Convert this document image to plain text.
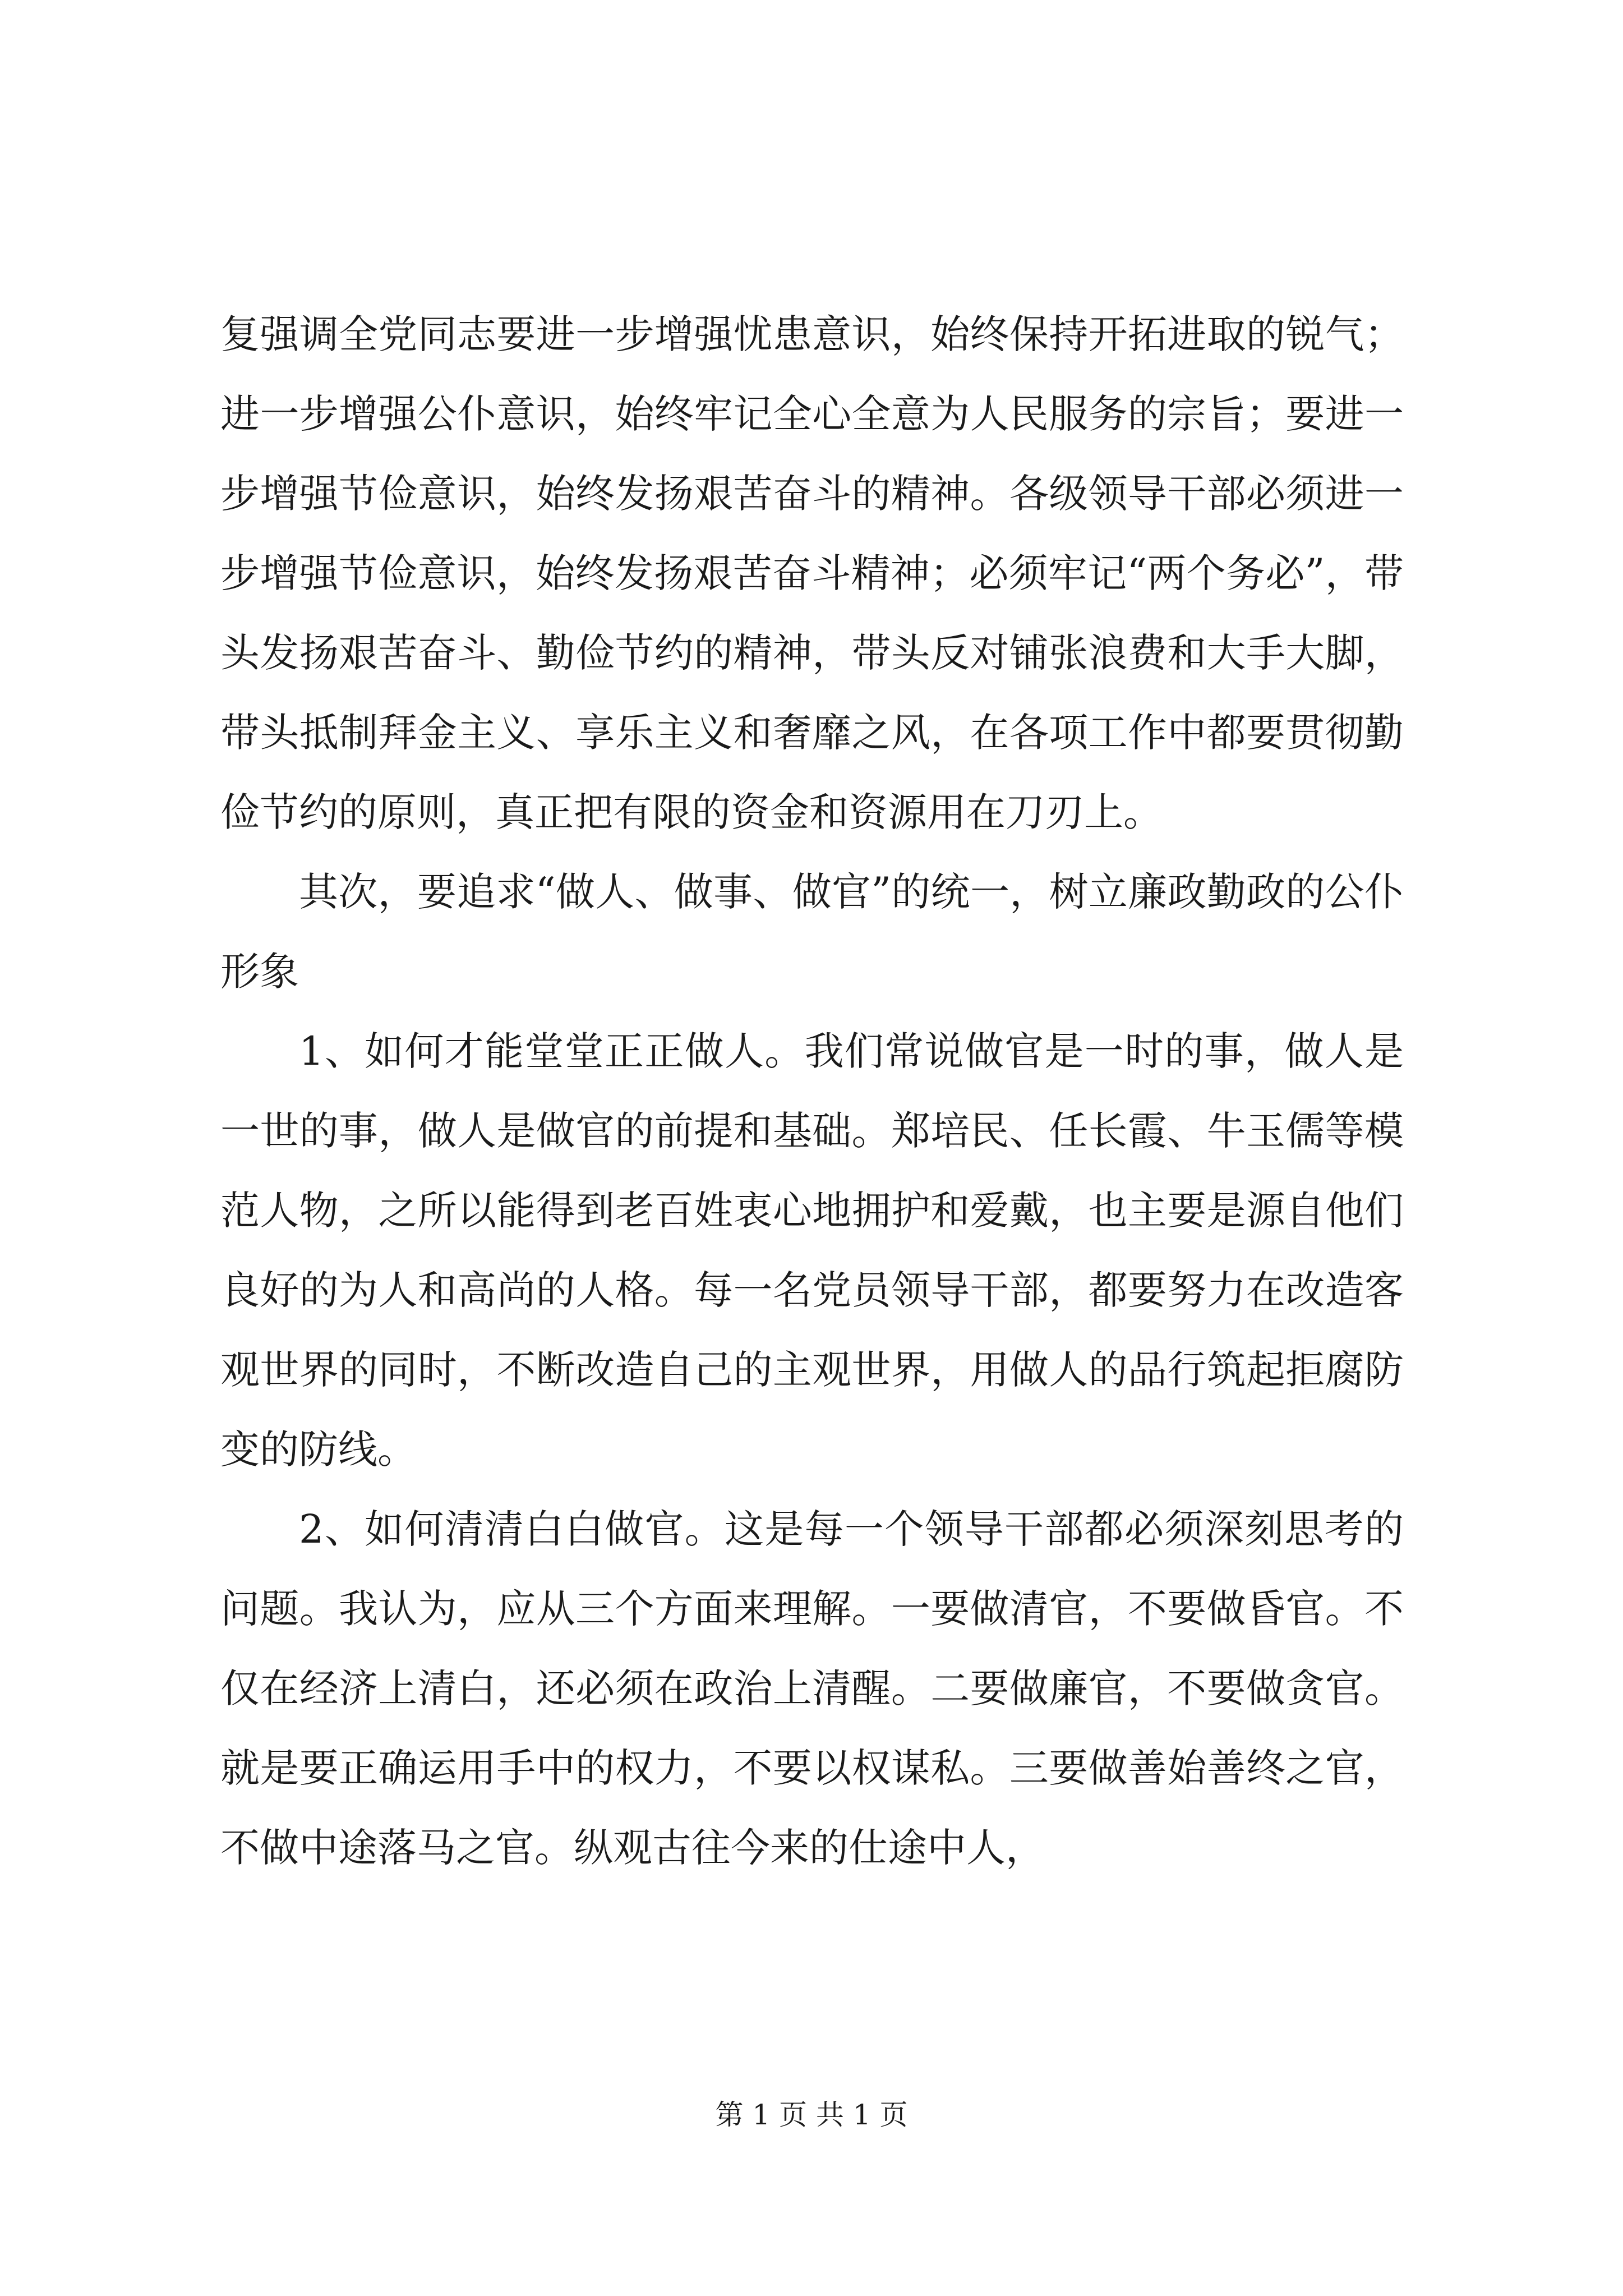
复强调全党同志要进一步增强忧患意识，始终保持开拓进取的锐气；进一步增强公仆意识，始终牢记全心全意为人民服务的宗旨；要进一步增强节俭意识，始终发扬艰苦奋斗的精神。各级领导干部必须进一步增强节俭意识，始终发扬艰苦奋斗精神；必须牢记“两个务必”，带头发扬艰苦奋斗、勤俭节约的精神，带头反对铺张浪费和大手大脚，带头抵制拜金主义、享乐主义和奢靡之风，在各项工作中都要贯彻勤俭节约的原则，真正把有限的资金和资源用在刀刃上。

其次，要追求“做人、做事、做官”的统一，树立廉政勤政的公仆形象

1、如何才能堂堂正正做人。我们常说做官是一时的事，做人是一世的事，做人是做官的前提和基础。郑培民、任长霞、牛玉儒等模范人物，之所以能得到老百姓衷心地拥护和爱戴，也主要是源自他们良好的为人和高尚的人格。每一名党员领导干部，都要努力在改造客观世界的同时，不断改造自己的主观世界，用做人的品行筑起拒腐防变的防线。

2、如何清清白白做官。这是每一个领导干部都必须深刻思考的问题。我认为，应从三个方面来理解。一要做清官，不要做昏官。不仅在经济上清白，还必须在政治上清醒。二要做廉官，不要做贪官。就是要正确运用手中的权力，不要以权谋私。三要做善始善终之官，不做中途落马之官。纵观古往今来的仕途中人，

第 1 页 共 1 页
